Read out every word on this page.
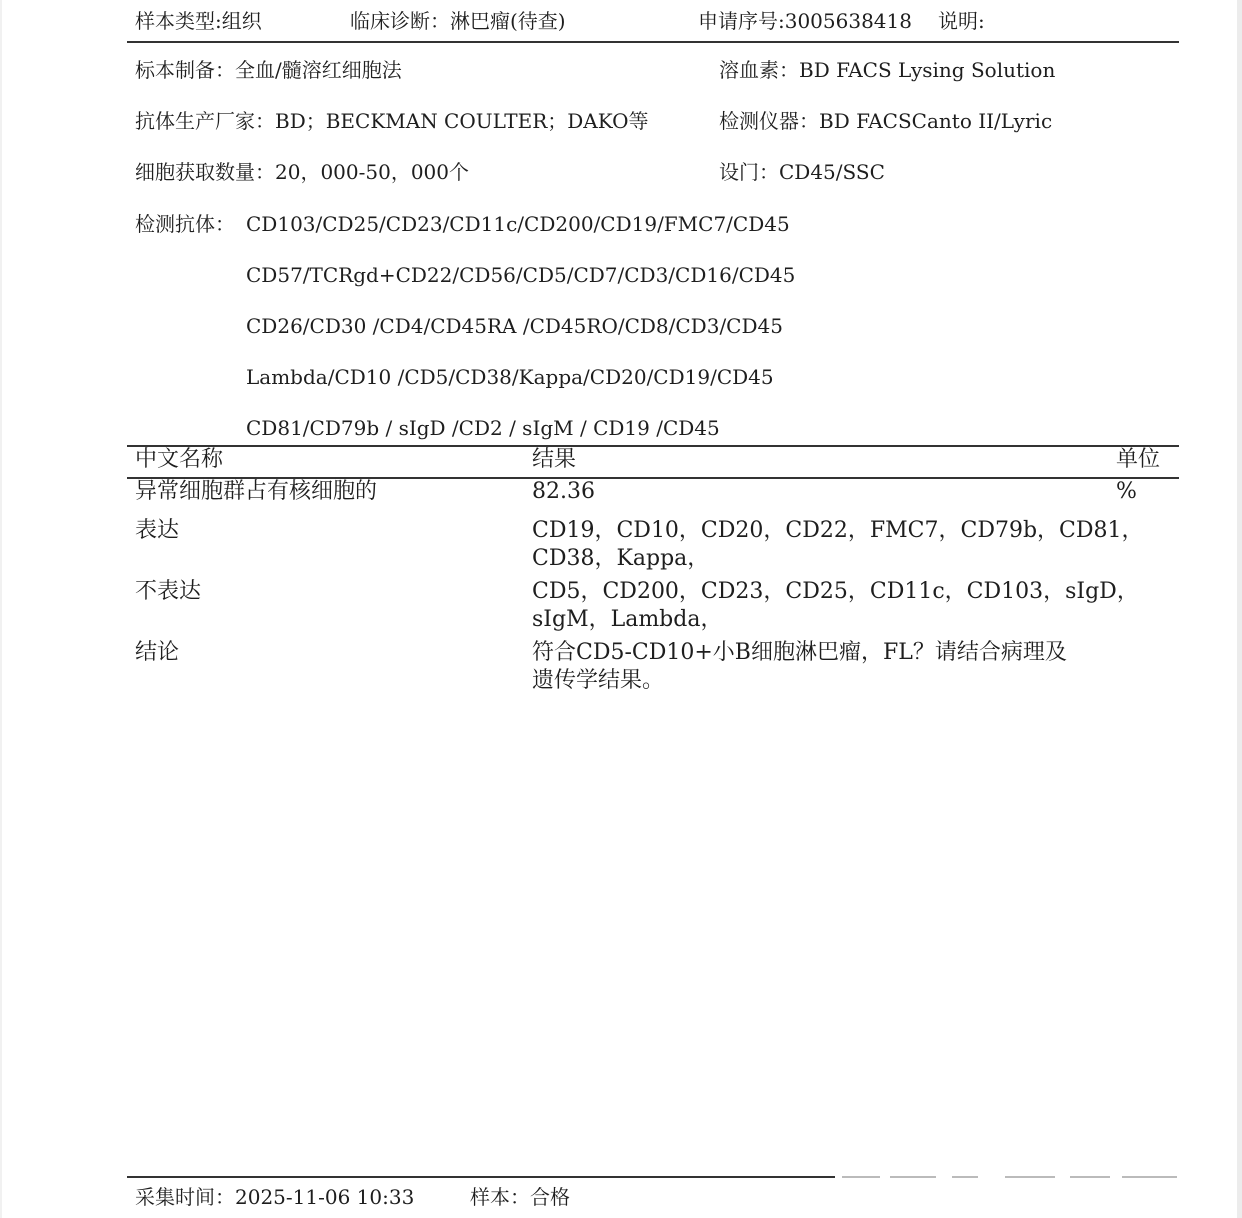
样本类型:组织	临床诊断：淋巴瘤(待查)	申请序号:3005638418 说明:
标本制备：全血/髓溶红细胞法	溶血素：BD FACS Lysing Solution
抗体生产厂家：BD；BECKMAN COULTER；DAKO等	检测仪器：BD FACSCanto II/Lyric
细胞获取数量：20，000-50，000个	设门：CD45/SSC
检测抗体： CD103/CD25/CD23/CD11c/CD200/CD19/FMC7/CD45
CD57/TCRgd+CD22/CD56/CD5/CD7/CD3/CD16/CD45
CD26/CD30 /CD4/CD45RA /CD45RO/CD8/CD3/CD45
Lambda/CD10 /CD5/CD38/Kappa/CD20/CD19/CD45
CD81/CD79b / sIgD /CD2 / sIgM / CD19 /CD45
中文名称	结果	单位
异常细胞群占有核细胞的	82.36	%
表达	CD19，CD10，CD20，CD22，FMC7，CD79b，CD81，
CD38，Kappa，
不表达	CD5，CD200，CD23，CD25，CD11c，CD103，sIgD，
sIgM，Lambda，
结论	符合CD5-CD10+小B细胞淋巴瘤，FL？请结合病理及
遗传学结果。
采集时间：2025-11-06 10:33	样本：合格
